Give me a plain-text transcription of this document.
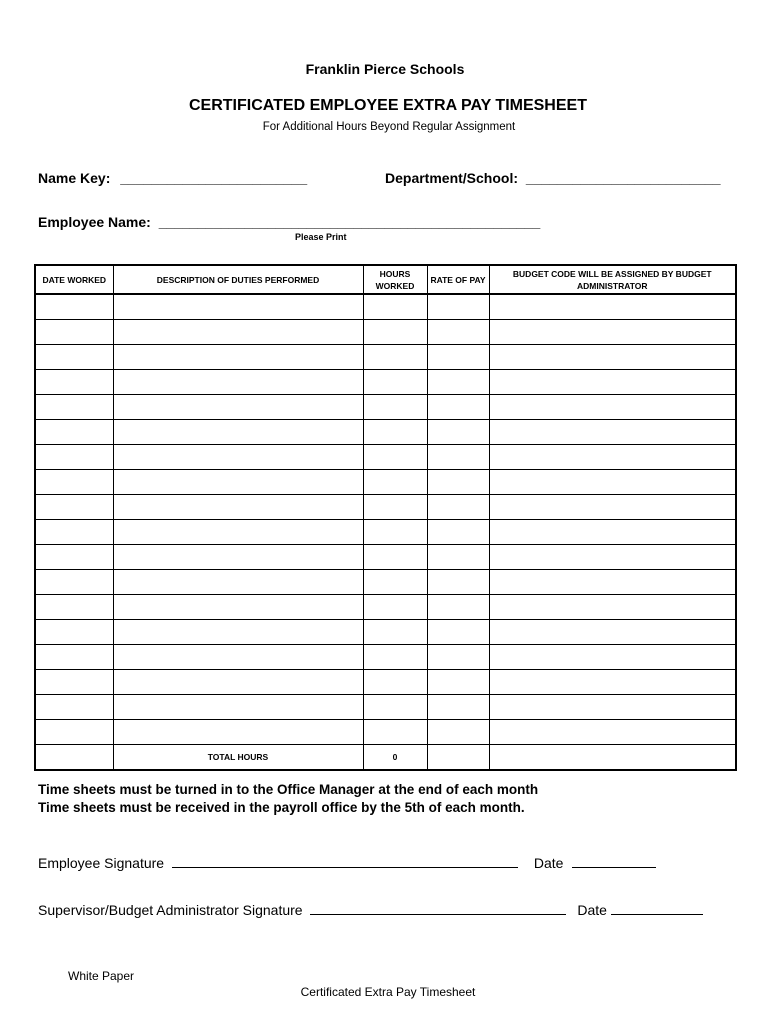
Franklin Pierce Schools
CERTIFICATED EMPLOYEE EXTRA PAY TIMESHEET
For Additional Hours Beyond Regular Assignment
Name Key: ________________________	Department/School: _________________________
Employee Name: _________________________________________________
Please Print
DATE WORKED	DESCRIPTION OF DUTIES PERFORMED	HOURS WORKED	RATE OF PAY	BUDGET CODE WILL BE ASSIGNED BY BUDGET ADMINISTRATOR

	TOTAL HOURS	0		
Time sheets must be turned in to the Office Manager at the end of each month
Time sheets must be received in the payroll office by the 5th of each month.
Employee Signature	Date
Supervisor/Budget Administrator Signature	Date
White Paper
Certificated Extra Pay Timesheet
